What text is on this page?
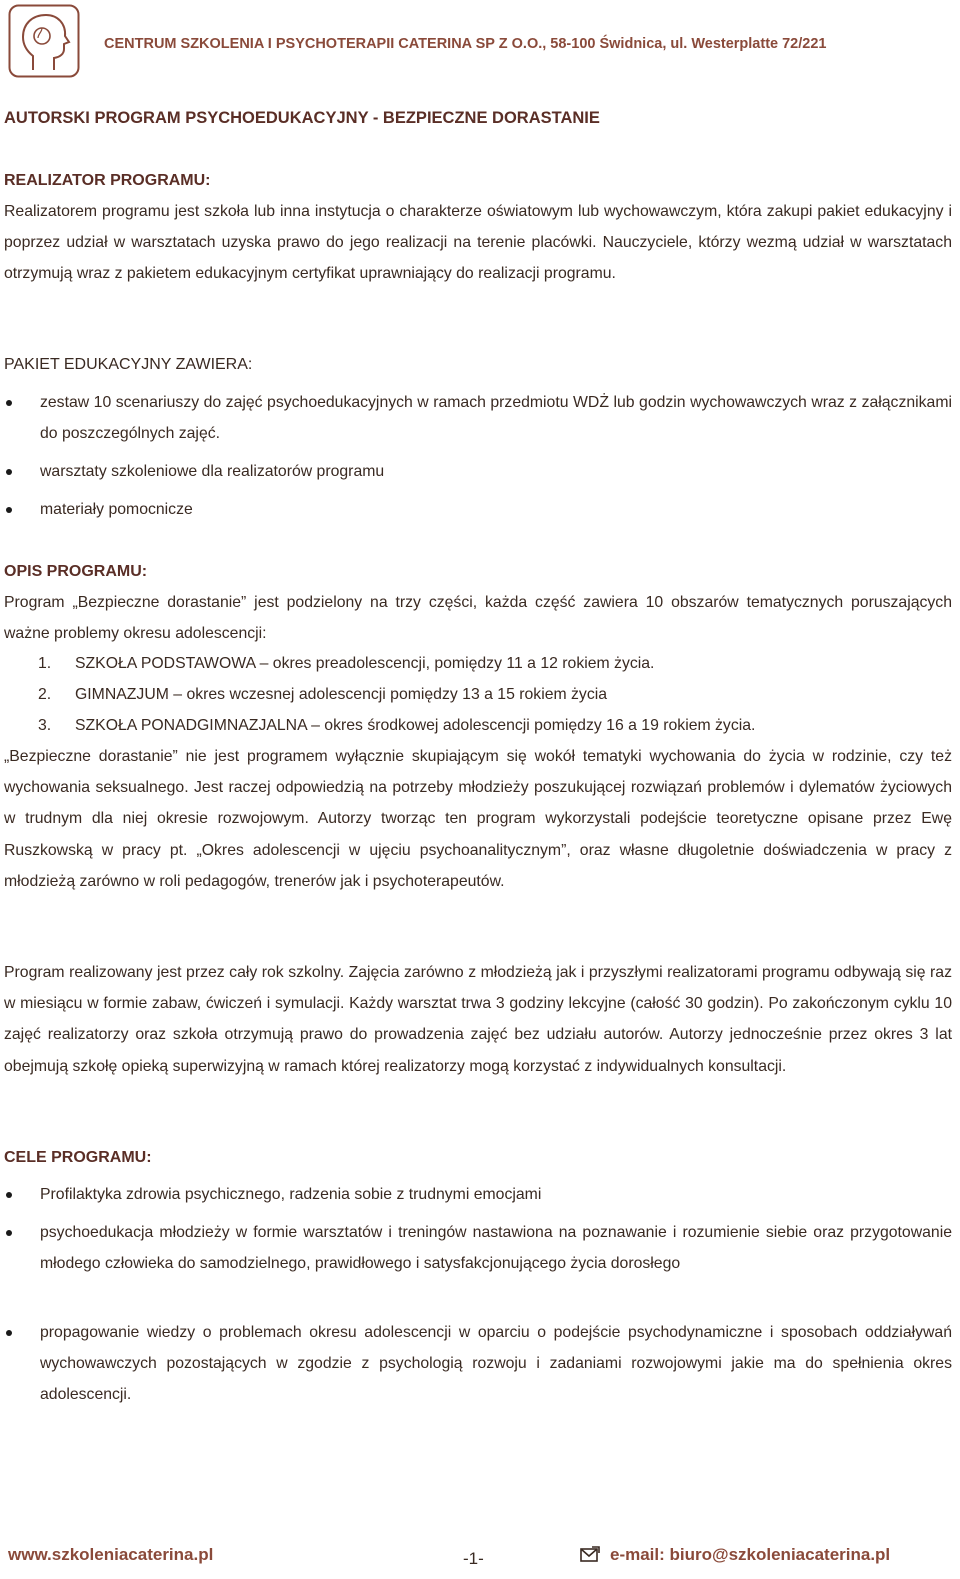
CENTRUM SZKOLENIA I PSYCHOTERAPII CATERINA SP Z O.O., 58-100 Świdnica, ul. Westerplatte 72/221
AUTORSKI PROGRAM PSYCHOEDUKACYJNY - BEZPIECZNE DORASTANIE
REALIZATOR PROGRAMU:
Realizatorem programu jest szkoła lub inna instytucja o charakterze oświatowym lub wychowawczym, która zakupi pakiet edukacyjny i poprzez udział w warsztatach uzyska prawo do jego realizacji na terenie placówki. Nauczyciele, którzy wezmą udział w warsztatach otrzymują wraz z pakietem edukacyjnym certyfikat uprawniający do realizacji programu.
PAKIET EDUKACYJNY ZAWIERA:
zestaw 10 scenariuszy do zajęć psychoedukacyjnych w ramach przedmiotu WDŻ lub godzin wychowawczych wraz z załącznikami do poszczególnych zajęć.
warsztaty szkoleniowe dla realizatorów programu
materiały pomocnicze
OPIS PROGRAMU:
Program „Bezpieczne dorastanie” jest podzielony na trzy części, każda część zawiera 10 obszarów tematycznych poruszających ważne problemy okresu adolescencji:
1. SZKOŁA PODSTAWOWA – okres preadolescencji, pomiędzy 11 a 12 rokiem życia.
2. GIMNAZJUM – okres wczesnej adolescencji pomiędzy 13 a 15 rokiem życia
3. SZKOŁA PONADGIMNAZJALNA – okres środkowej adolescencji pomiędzy 16 a 19 rokiem życia.
„Bezpieczne dorastanie” nie jest programem wyłącznie skupiającym się wokół tematyki wychowania do życia w rodzinie, czy też wychowania seksualnego. Jest raczej odpowiedzią na potrzeby młodzieży poszukującej rozwiązań problemów i dylematów życiowych w trudnym dla niej okresie rozwojowym. Autorzy tworząc ten program wykorzystali podejście teoretyczne opisane przez Ewę Ruszkowską w pracy pt. „Okres adolescencji w ujęciu psychoanalitycznym”, oraz własne długoletnie doświadczenia w pracy z młodzieżą zarówno w roli pedagogów, trenerów jak i psychoterapeutów.
Program realizowany jest przez cały rok szkolny. Zajęcia zarówno z młodzieżą jak i przyszłymi realizatorami programu odbywają się raz w miesiącu w formie zabaw, ćwiczeń i symulacji. Każdy warsztat trwa 3 godziny lekcyjne (całość 30 godzin). Po zakończonym cyklu 10 zajęć realizatorzy oraz szkoła otrzymują prawo do prowadzenia zajęć bez udziału autorów. Autorzy jednocześnie przez okres 3 lat obejmują szkołę opieką superwizyjną w ramach której realizatorzy mogą korzystać z indywidualnych konsultacji.
CELE PROGRAMU:
Profilaktyka zdrowia psychicznego, radzenia sobie z trudnymi emocjami
psychoedukacja młodzieży w formie warsztatów i treningów nastawiona na poznawanie i rozumienie siebie oraz przygotowanie młodego człowieka do samodzielnego, prawidłowego i satysfakcjonującego życia dorosłego
propagowanie wiedzy o problemach okresu adolescencji w oparciu o podejście psychodynamiczne i sposobach oddziaływań wychowawczych pozostających w zgodzie z psychologią rozwoju i zadaniami rozwojowymi jakie ma do spełnienia okres adolescencji.
www.szkoleniacaterina.pl	-1-	e-mail: biuro@szkoleniacaterina.pl
